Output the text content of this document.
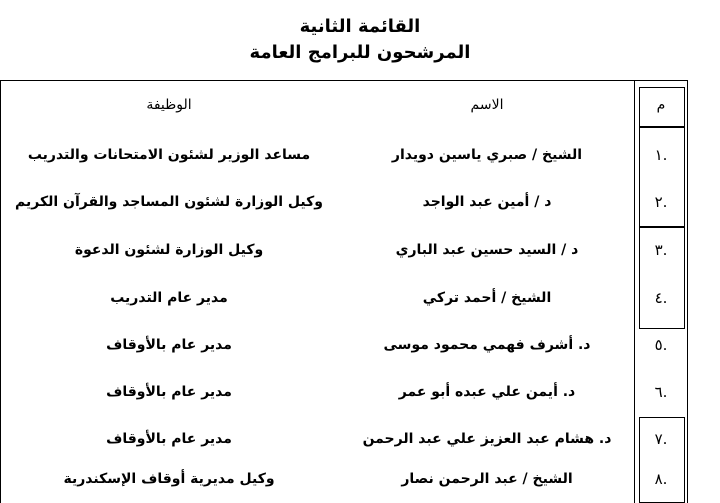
القائمة الثانية
المرشحون للبرامج العامة
م
الاسم
الوظيفة
.١
الشيخ / صبري ياسين دويدار
مساعد الوزير لشئون الامتحانات والتدريب
.٢
د / أمين عبد الواجد
وكيل الوزارة لشئون المساجد والقرآن الكريم
.٣
د / السيد حسين عبد الباري
وكيل الوزارة لشئون الدعوة
.٤
الشيخ / أحمد تركي
مدير عام التدريب
.٥
د. أشرف فهمي محمود موسى
مدير عام بالأوقاف
.٦
د. أيمن علي عبده أبو عمر
مدير عام بالأوقاف
.٧
د. هشام عبد العزيز علي عبد الرحمن
مدير عام بالأوقاف
.٨
الشيخ / عبد الرحمن نصار
وكيل مديرية أوقاف الإسكندرية
